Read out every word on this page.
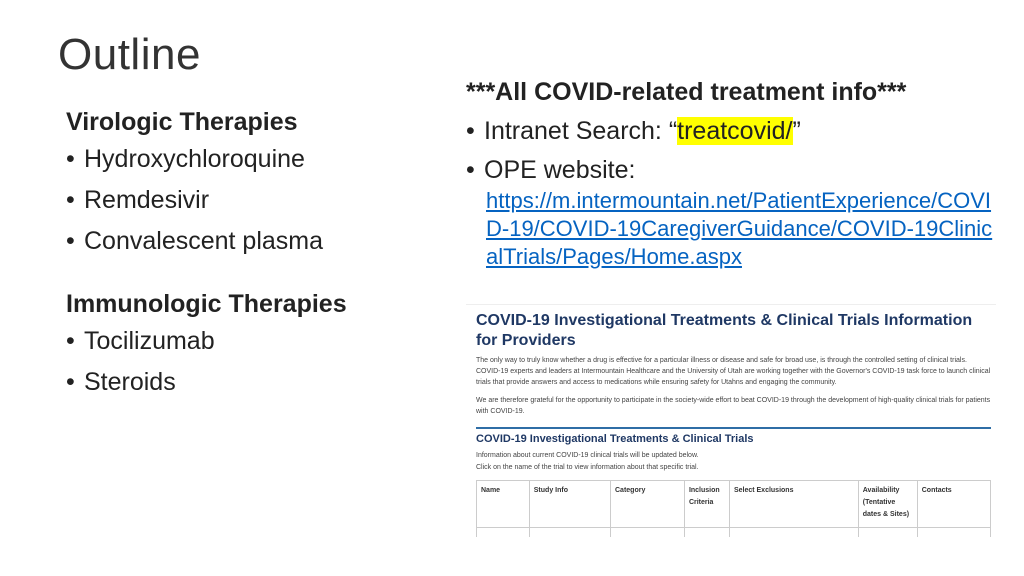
Outline
Virologic Therapies
• Hydroxychloroquine
• Remdesivir
• Convalescent plasma
Immunologic Therapies
• Tocilizumab
• Steroids
***All COVID-related treatment info***
• Intranet Search: “treatcovid/”
• OPE website:
https://m.intermountain.net/PatientExperience/COVID-19/COVID-19CaregiverGuidance/COVID-19ClinicalTrials/Pages/Home.aspx
COVID-19 Investigational Treatments & Clinical Trials Information for Providers
The only way to truly know whether a drug is effective for a particular illness or disease and safe for broad use, is through the controlled setting of clinical trials. COVID-19 experts and leaders at Intermountain Healthcare and the University of Utah are working together with the Governor's COVID-19 task force to launch clinical trials that provide answers and access to medications while ensuring safety for Utahns and engaging the community.
We are therefore grateful for the opportunity to participate in the society-wide effort to beat COVID-19 through the development of high-quality clinical trials for patients with COVID-19.
COVID-19 Investigational Treatments & Clinical Trials
Information about current COVID-19 clinical trials will be updated below.
Click on the name of the trial to view information about that specific trial.
Name	Study Info	Category	Inclusion Criteria	Select Exclusions	Availability (Tentative dates & Sites)	Contacts
